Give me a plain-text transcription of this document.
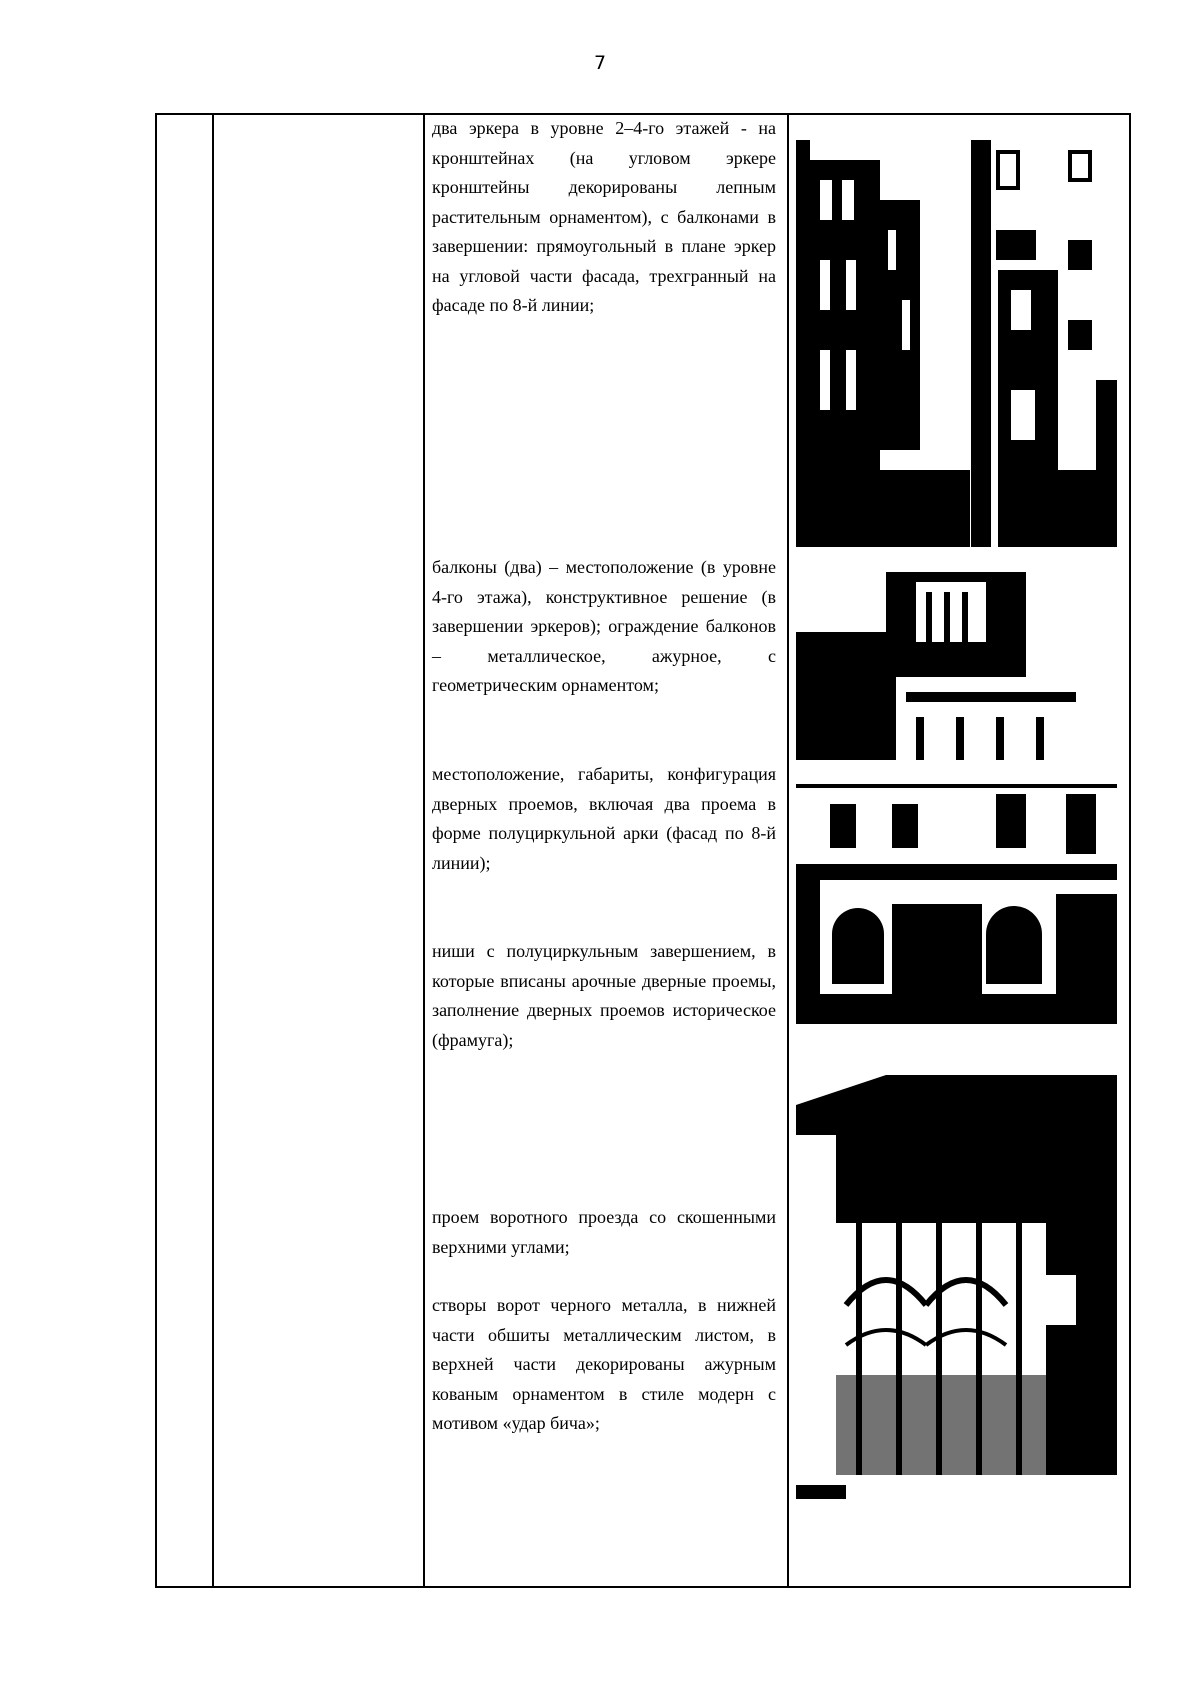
7

два эркера в уровне 2–4-го этажей - на кронштейнах (на угловом эркере кронштейны декорированы лепным растительным орнаментом), с балконами в завершении: прямоугольный в плане эркер на угловой части фасада, трехгранный на фасаде по 8-й линии;

балконы (два) – местоположение (в уровне 4-го этажа), конструктивное решение (в завершении эркеров); ограждение балконов – металлическое, ажурное, с геометрическим орнаментом;

местоположение, габариты, конфигурация дверных проемов, включая два проема в форме полуциркульной арки (фасад по 8-й линии);

ниши с полуциркульным завершением, в которые вписаны арочные дверные проемы, заполнение дверных проемов историческое (фрамуга);

проем воротного проезда со скошенными верхними углами;

створы ворот черного металла, в нижней части обшиты металлическим листом, в верхней части декорированы ажурным кованым орнаментом в стиле модерн с мотивом «удар бича»;
